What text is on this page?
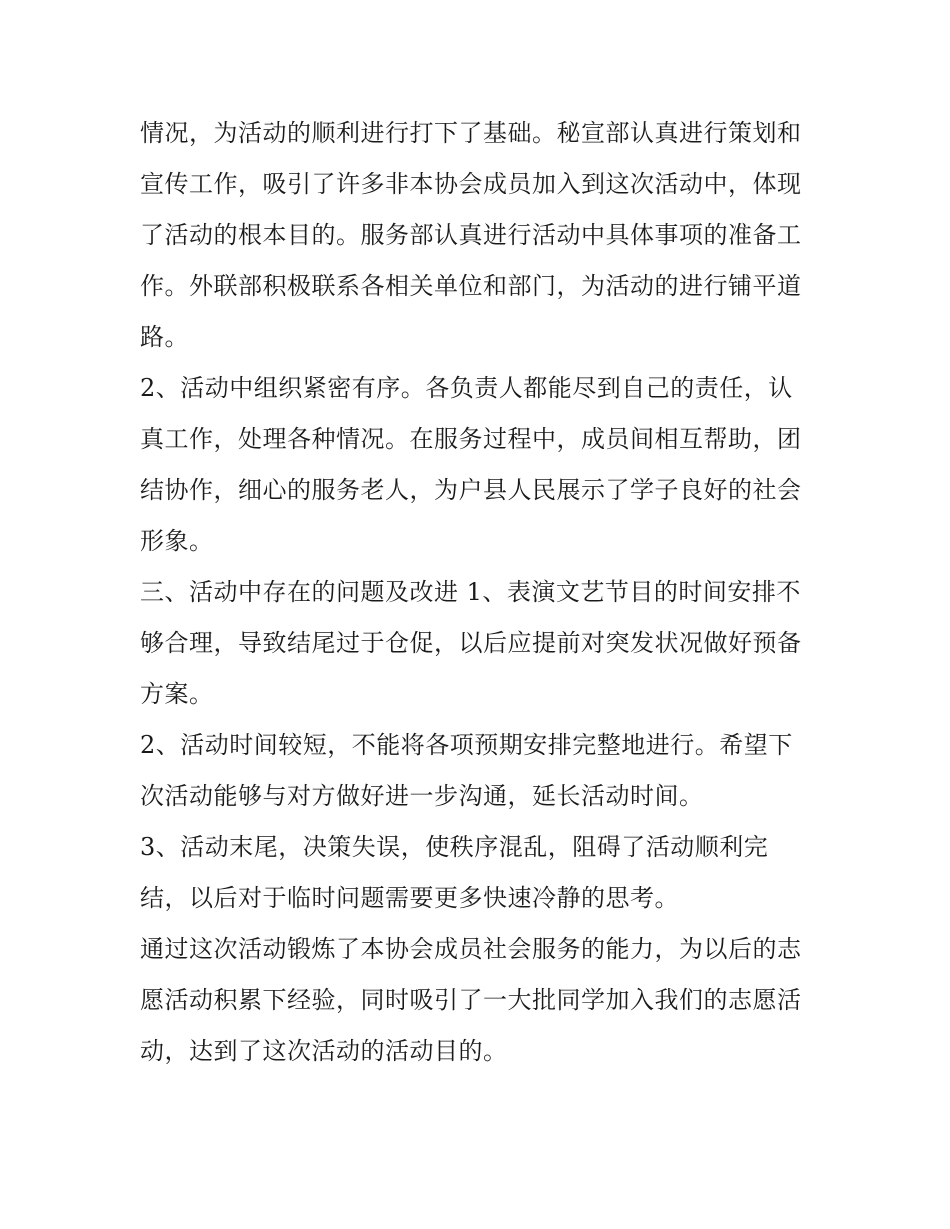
情况，为活动的顺利进行打下了基础。秘宣部认真进行策划和
宣传工作，吸引了许多非本协会成员加入到这次活动中，体现
了活动的根本目的。服务部认真进行活动中具体事项的准备工
作。外联部积极联系各相关单位和部门，为活动的进行铺平道
路。
2、活动中组织紧密有序。各负责人都能尽到自己的责任，认
真工作，处理各种情况。在服务过程中，成员间相互帮助，团
结协作，细心的服务老人，为户县人民展示了学子良好的社会
形象。
三、活动中存在的问题及改进 1、表演文艺节目的时间安排不
够合理，导致结尾过于仓促，以后应提前对突发状况做好预备
方案。
2、活动时间较短，不能将各项预期安排完整地进行。希望下
次活动能够与对方做好进一步沟通，延长活动时间。
3、活动末尾，决策失误，使秩序混乱，阻碍了活动顺利完
结，以后对于临时问题需要更多快速冷静的思考。
通过这次活动锻炼了本协会成员社会服务的能力，为以后的志
愿活动积累下经验，同时吸引了一大批同学加入我们的志愿活
动，达到了这次活动的活动目的。
